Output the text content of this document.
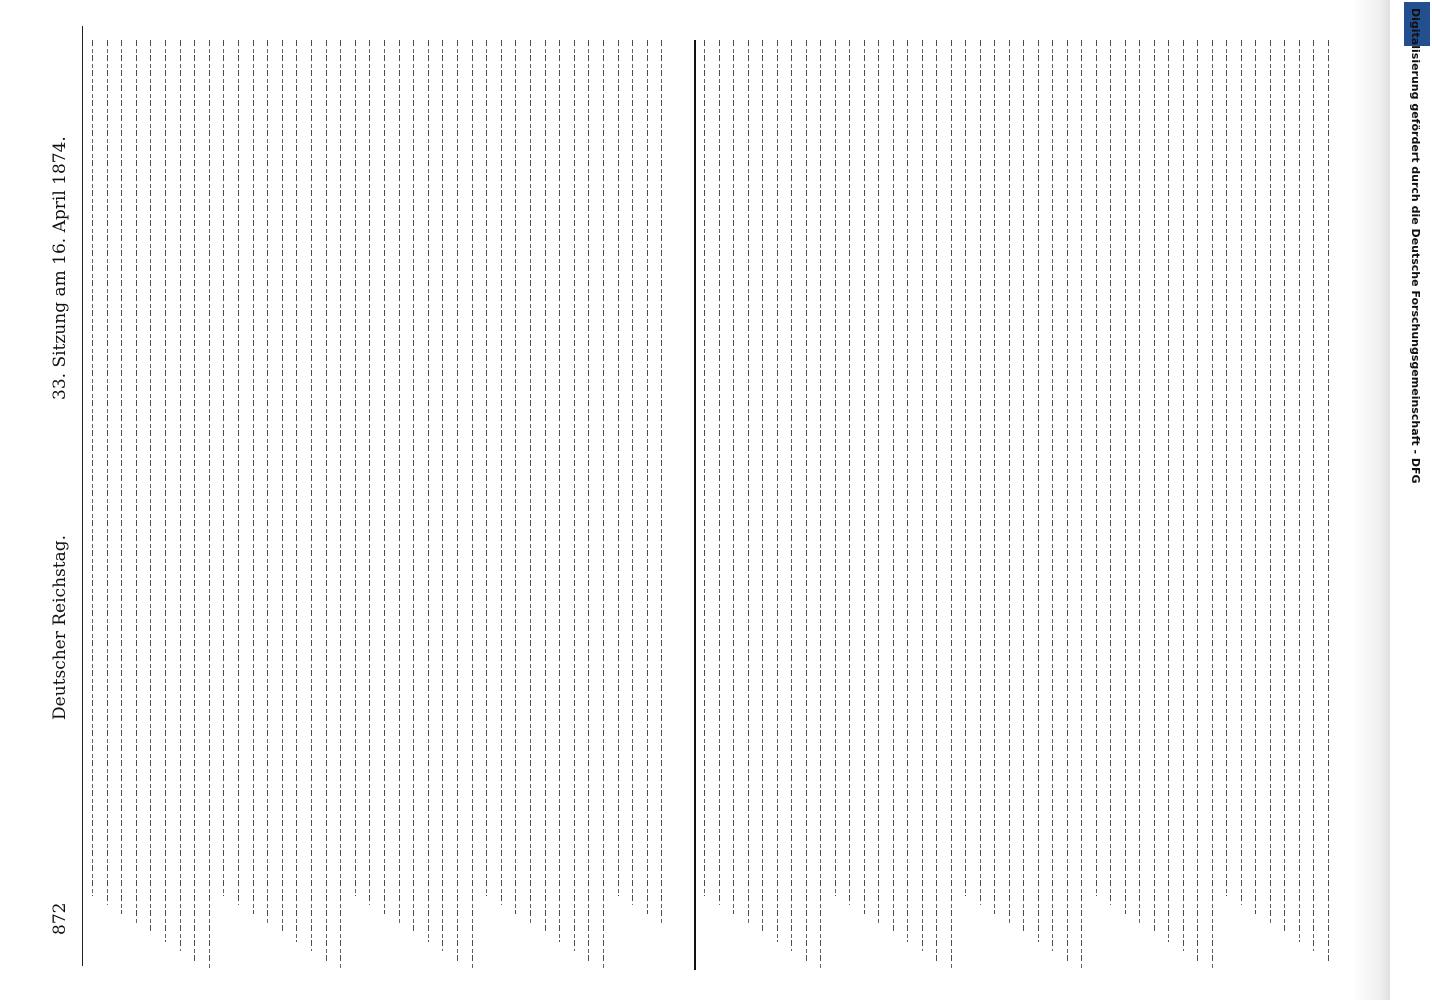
872
Deutscher Reichstag.
33. Sitzung am 16. April 1874.	Digitalisierung gefördert durch die Deutsche Forschungsgemeinschaft - DFG
